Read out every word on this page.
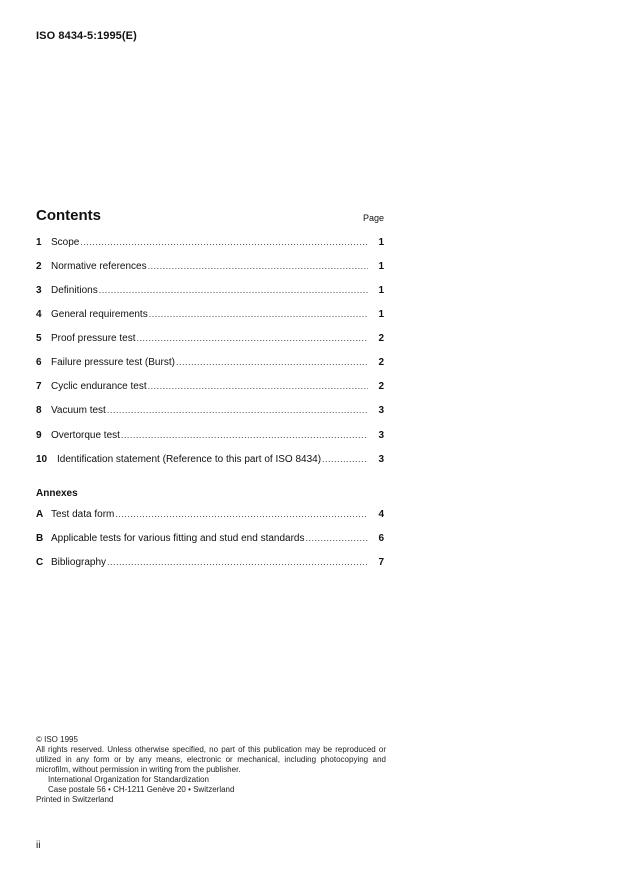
ISO 8434-5:1995(E)
Contents	Page
1 Scope .....	1
2 Normative references .....	1
3 Definitions .....	1
4 General requirements .....	1
5 Proof pressure test .....	2
6 Failure pressure test (Burst) .....	2
7 Cyclic endurance test .....	2
8 Vacuum test .....	3
9 Overtorque test .....	3
10 Identification statement (Reference to this part of ISO 8434) .....	3
Annexes
A Test data form .....	4
B Applicable tests for various fitting and stud end standards .....	6
C Bibliography .....	7

© ISO 1995

All rights reserved. Unless otherwise specified, no part of this publication may be reproduced or utilized in any form or by any means, electronic or mechanical, including photocopying and microfilm, without permission in writing from the publisher.

International Organization for Standardization

Case postale 56 • CH-1211 Genève 20 • Switzerland

Printed in Switzerland

ii
